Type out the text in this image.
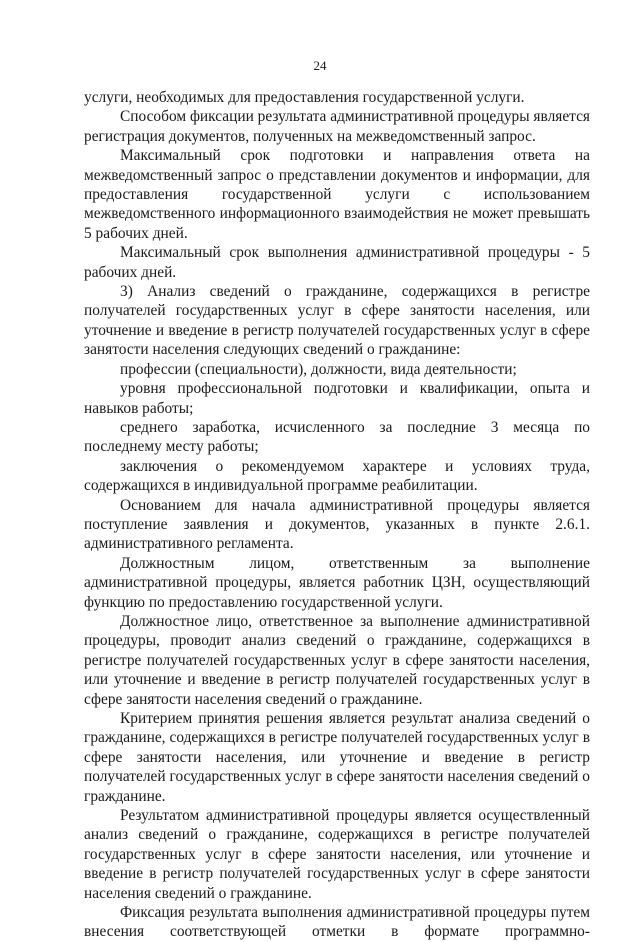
24

услуги, необходимых для предоставления государственной услуги.

Способом фиксации результата административной процедуры является регистрация документов, полученных на межведомственный запрос.

Максимальный срок подготовки и направления ответа на межведомственный запрос о представлении документов и информации, для предоставления государственной услуги с использованием межведомственного информационного взаимодействия не может превышать 5 рабочих дней.

Максимальный срок выполнения административной процедуры - 5 рабочих дней.

3) Анализ сведений о гражданине, содержащихся в регистре получателей государственных услуг в сфере занятости населения, или уточнение и введение в регистр получателей государственных услуг в сфере занятости населения следующих сведений о гражданине:

профессии (специальности), должности, вида деятельности;

уровня профессиональной подготовки и квалификации, опыта и навыков работы;

среднего заработка, исчисленного за последние 3 месяца по последнему месту работы;

заключения о рекомендуемом характере и условиях труда, содержащихся в индивидуальной программе реабилитации.

Основанием для начала административной процедуры является поступление заявления и документов, указанных в пункте 2.6.1. административного регламента.

Должностным лицом, ответственным за выполнение административной процедуры, является работник ЦЗН, осуществляющий функцию по предоставлению государственной услуги.

Должностное лицо, ответственное за выполнение административной процедуры, проводит анализ сведений о гражданине, содержащихся в регистре получателей государственных услуг в сфере занятости населения, или уточнение и введение в регистр получателей государственных услуг в сфере занятости населения сведений о гражданине.

Критерием принятия решения является результат анализа сведений о гражданине, содержащихся в регистре получателей государственных услуг в сфере занятости населения, или уточнение и введение в регистр получателей государственных услуг в сфере занятости населения сведений о гражданине.

Результатом административной процедуры является осуществленный анализ сведений о гражданине, содержащихся в регистре получателей государственных услуг в сфере занятости населения, или уточнение и введение в регистр получателей государственных услуг в сфере занятости населения сведений о гражданине.

Фиксация результата выполнения административной процедуры путем внесения соответствующей отметки в формате программно-
